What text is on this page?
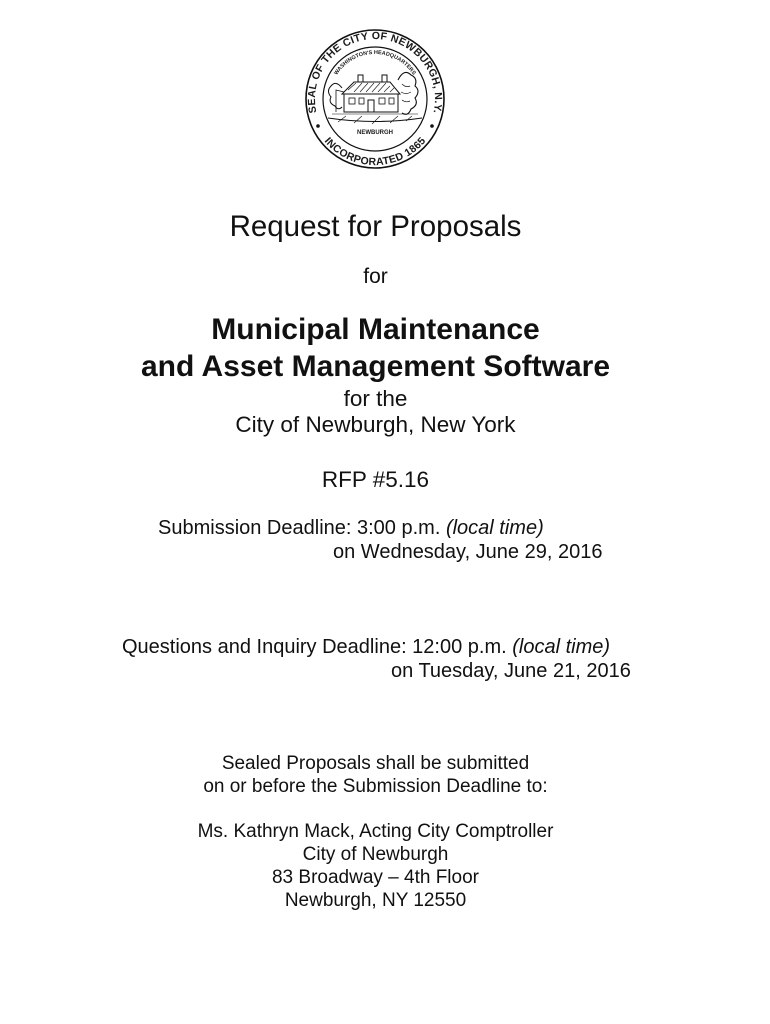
SEAL OF THE CITY OF NEWBURGH, N.Y.
INCORPORATED 1865
WASHINGTON'S HEADQUARTERS
NEWBURGH
Request for Proposals
for
Municipal Maintenance
and Asset Management Software
for the
City of Newburgh, New York
RFP #5.16
Submission Deadline: 3:00 p.m. (local time)
on Wednesday, June 29, 2016
Questions and Inquiry Deadline: 12:00 p.m. (local time)
on Tuesday, June 21, 2016
Sealed Proposals shall be submitted
on or before the Submission Deadline to:
Ms. Kathryn Mack, Acting City Comptroller
City of Newburgh
83 Broadway – 4th Floor
Newburgh, NY 12550
